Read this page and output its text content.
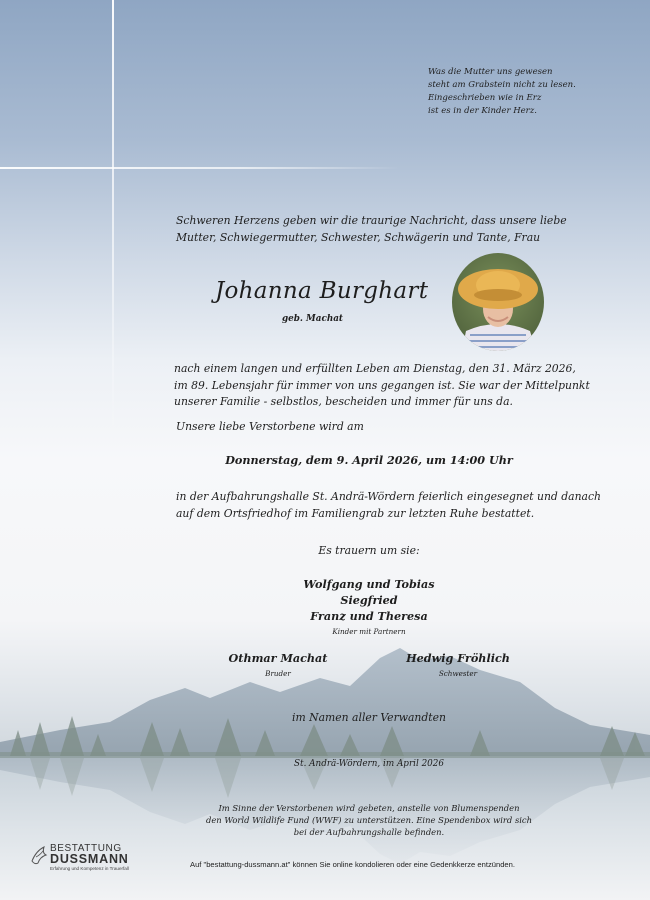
Was die Mutter uns gewesen
steht am Grabstein nicht zu lesen.
Eingeschrieben wie in Erz
ist es in der Kinder Herz.
Schweren Herzens geben wir die traurige Nachricht, dass unsere liebe
Mutter, Schwiegermutter, Schwester, Schwägerin und Tante, Frau
Johanna Burghart
geb. Machat
nach einem langen und erfüllten Leben am Dienstag, den 31. März 2026,
im 89. Lebensjahr für immer von uns gegangen ist. Sie war der Mittelpunkt
unserer Familie - selbstlos, bescheiden und immer für uns da.
Unsere liebe Verstorbene wird am
Donnerstag, dem 9. April 2026, um 14:00 Uhr
in der Aufbahrungshalle St. Andrä-Wördern feierlich eingesegnet und danach
auf dem Ortsfriedhof im Familiengrab zur letzten Ruhe bestattet.
Es trauern um sie:
Wolfgang und Tobias
Siegfried
Franz und Theresa
Kinder mit Partnern
Othmar Machat
Bruder
Hedwig Fröhlich
Schwester
im Namen aller Verwandten
St. Andrä-Wördern, im April 2026
Im Sinne der Verstorbenen wird gebeten, anstelle von Blumenspenden
den World Wildlife Fund (WWF) zu unterstützen. Eine Spendenbox wird sich
bei der Aufbahrungshalle befinden.
BESTATTUNG
DUSSMANN
Erfahrung und Kompetenz in Trauerfall	Auf "bestattung-dussmann.at" können Sie online kondolieren oder eine Gedenkkerze entzünden.
